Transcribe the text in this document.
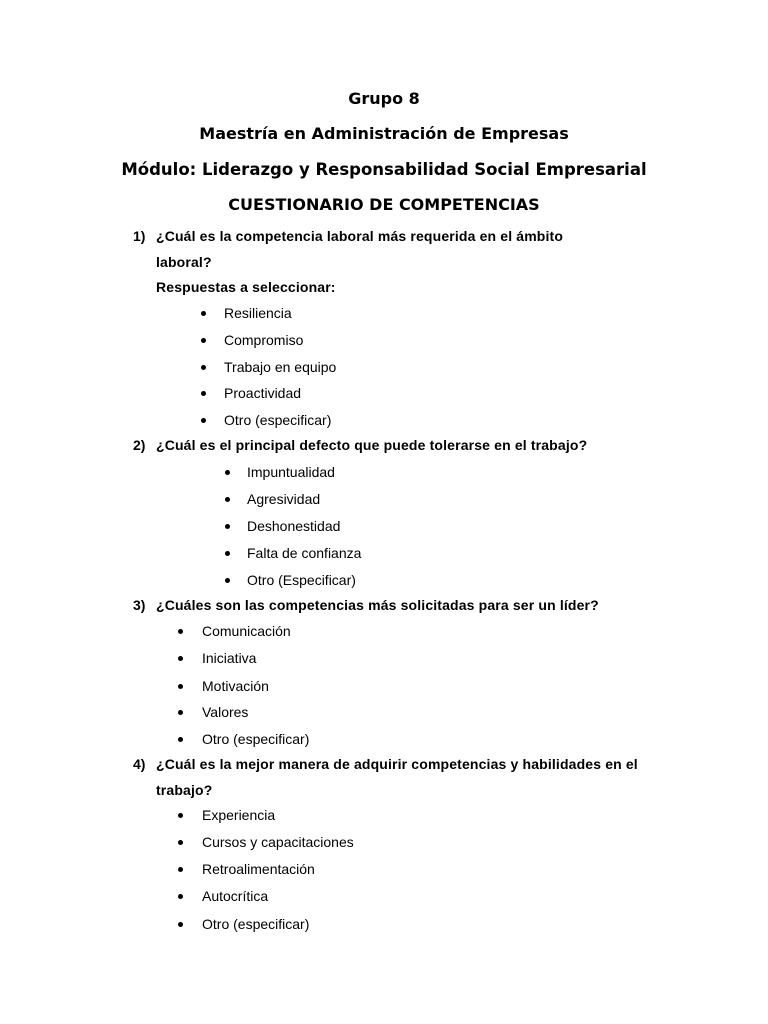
Grupo 8

Maestría en Administración de Empresas

Módulo: Liderazgo y Responsabilidad Social Empresarial

CUESTIONARIO DE COMPETENCIAS

1) ¿Cuál es la competencia laboral más requerida en el ámbito laboral?
Respuestas a seleccionar:
Resiliencia
Compromiso
Trabajo en equipo
Proactividad
Otro (especificar)
2) ¿Cuál es el principal defecto que puede tolerarse en el trabajo?
Impuntualidad
Agresividad
Deshonestidad
Falta de confianza
Otro (Especificar)
3) ¿Cuáles son las competencias más solicitadas para ser un líder?
Comunicación
Iniciativa
Motivación
Valores
Otro (especificar)
4) ¿Cuál es la mejor manera de adquirir competencias y habilidades en el trabajo?
Experiencia
Cursos y capacitaciones
Retroalimentación
Autocrítica
Otro (especificar)
